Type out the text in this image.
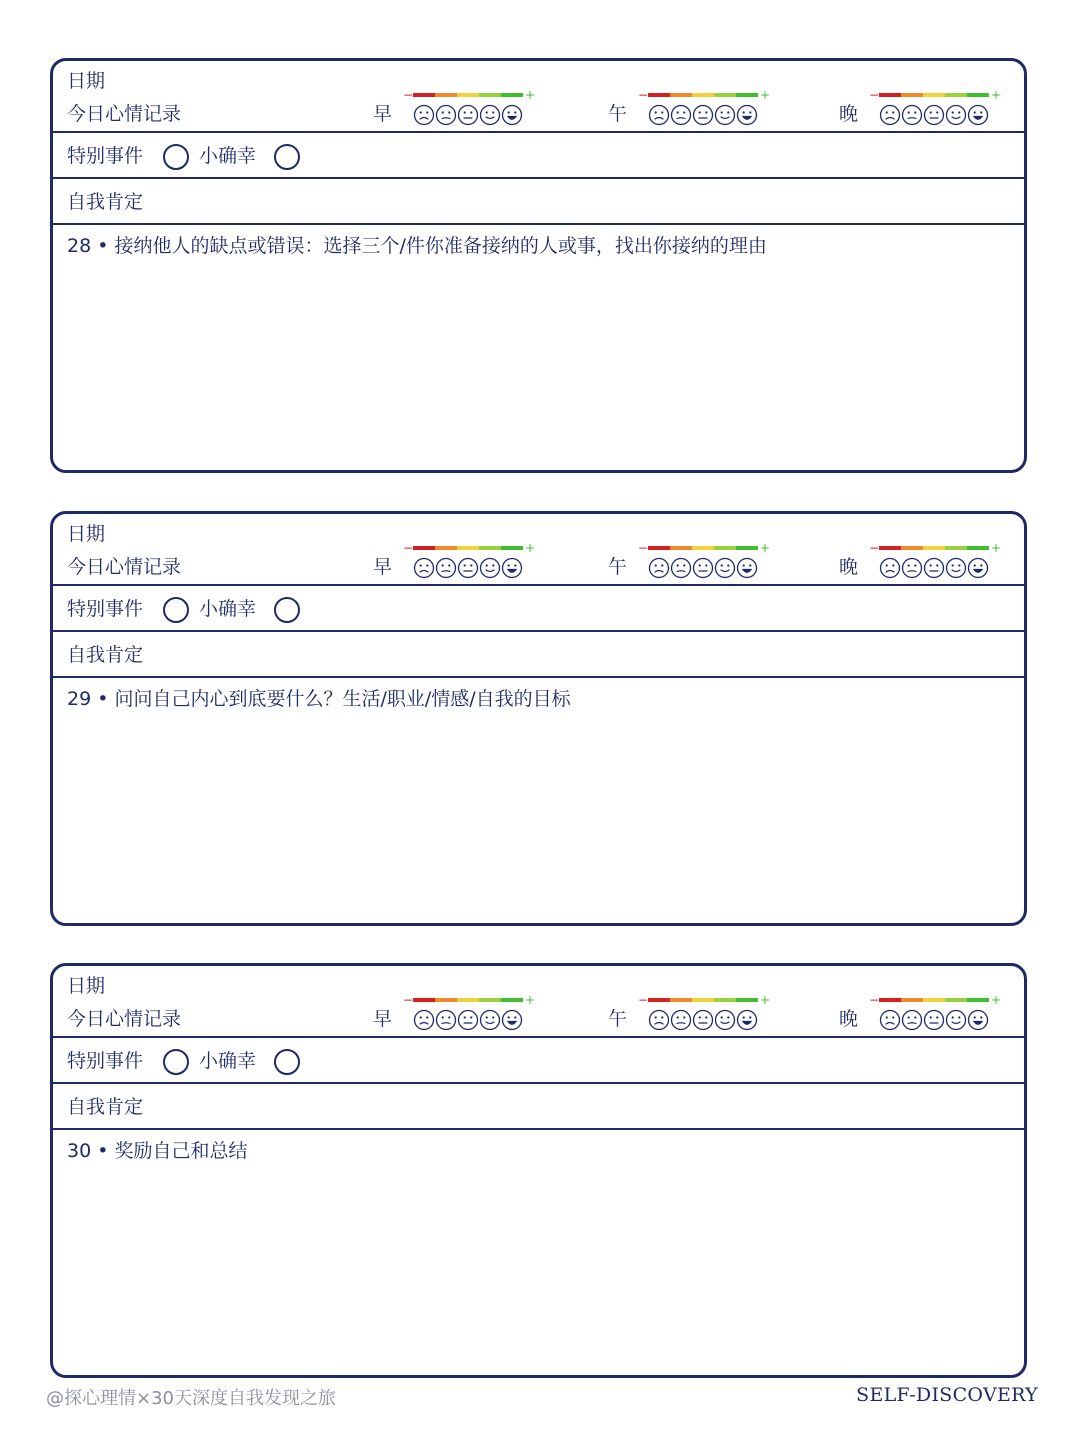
日期
今日心情记录	早
−	+
午
−	+
晚
−	+
特别事件	小确幸
自我肯定
28 • 接纳他人的缺点或错误：选择三个/件你准备接纳的人或事，找出你接纳的理由
日期
今日心情记录	早
−	+
午
−	+
晚
−	+
特别事件	小确幸
自我肯定
29 • 问问自己内心到底要什么？生活/职业/情感/自我的目标
日期
今日心情记录	早
−	+
午
−	+
晚
−	+
特别事件	小确幸
自我肯定
30 • 奖励自己和总结
@探心理情×30天深度自我发现之旅	SELF-DISCOVERY
